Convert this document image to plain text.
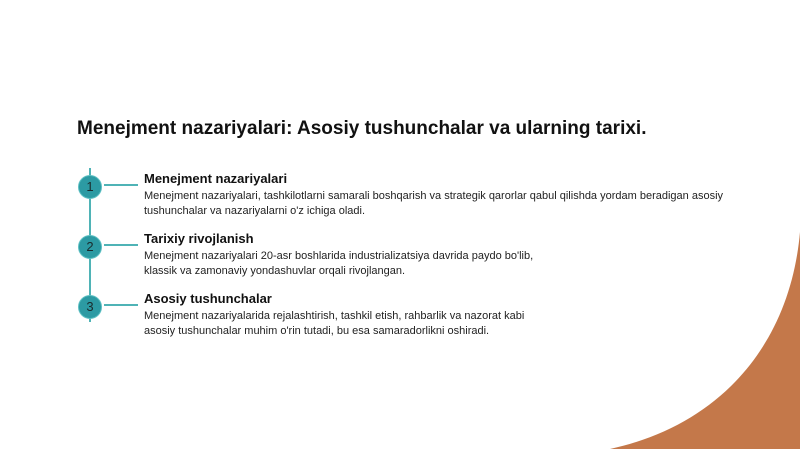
Menejment nazariyalari: Asosiy tushunchalar va ularning tarixi.
1
Menejment nazariyalari

Menejment nazariyalari, tashkilotlarni samarali boshqarish va strategik qarorlar qabul qilishda yordam beradigan asosiy tushunchalar va nazariyalarni o'z ichiga oladi.

2
Tarixiy rivojlanish

Menejment nazariyalari 20-asr boshlarida industrializatsiya davrida paydo bo'lib, klassik va zamonaviy yondashuvlar orqali rivojlangan.

3
Asosiy tushunchalar

Menejment nazariyalarida rejalashtirish, tashkil etish, rahbarlik va nazorat kabi asosiy tushunchalar muhim o'rin tutadi, bu esa samaradorlikni oshiradi.
